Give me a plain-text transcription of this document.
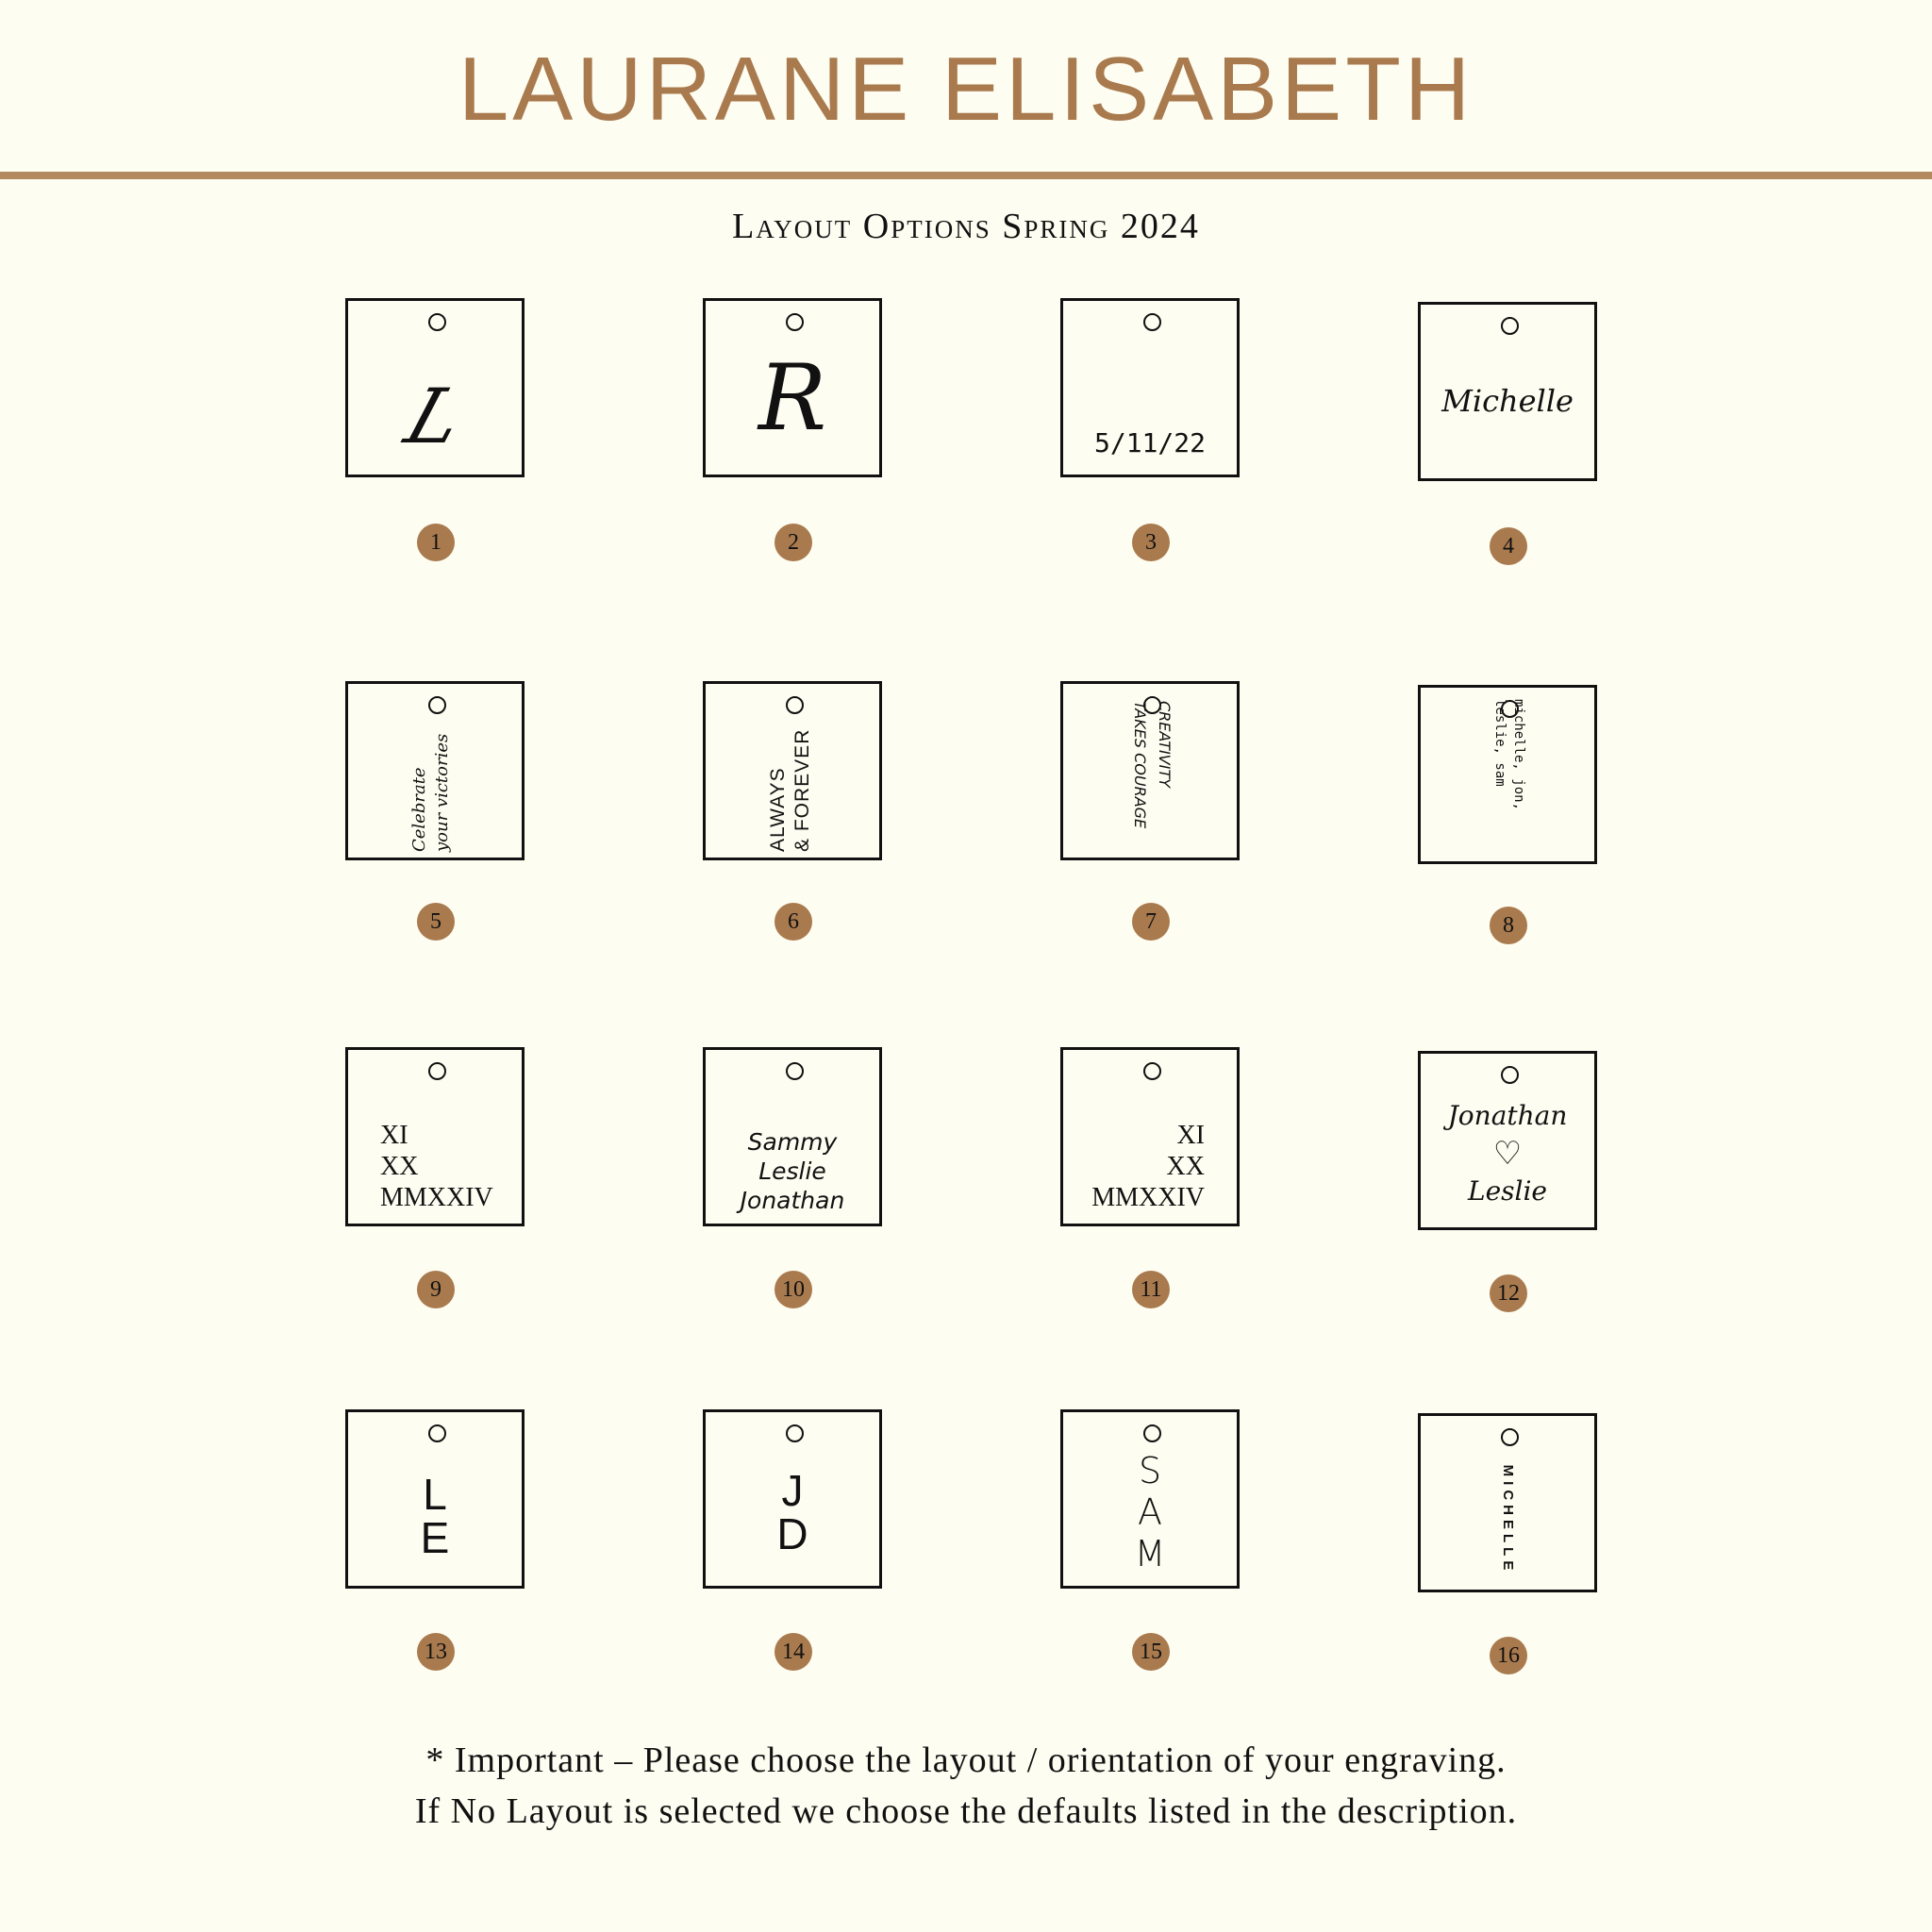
LAURANE ELISABETH
Layout Options Spring 2024
L
1
R
2
5/11/22
3
Michelle
4
Celebrate your victories
5
ALWAYS & FOREVER
6
CREATIVITY
TAKES COURAGE
7
michelle, jon,
leslie, sam
8
XI
XX
MMXXIV
9
Sammy
Leslie
Jonathan
10
XI
XX
MMXXIV
11
Jonathan
♡
Leslie
12
L
E
13
J
D
14
S
A
M
15
MICHELLE
16
* Important – Please choose the layout / orientation of your engraving.
If No Layout is selected we choose the defaults listed in the description.
